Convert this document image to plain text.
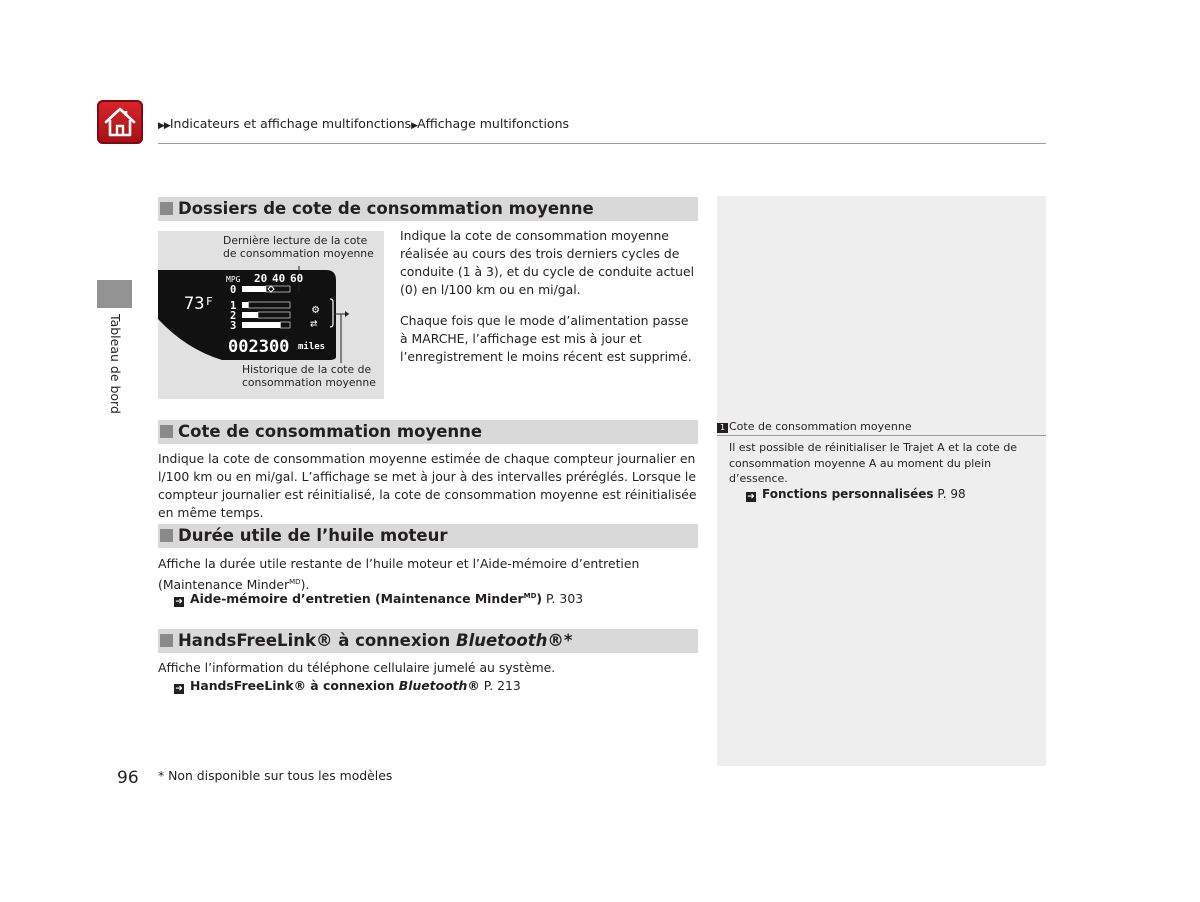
▶▶Indicateurs et affichage multifonctions▶Affichage multifonctions
Tableau de bord
Dossiers de cote de consommation moyenne
73 F
MPG 20 40 60
0
1
2
3
⚙
⇄
002300 miles
Dernière lecture de la cote
de consommation moyenne
Historique de la cote de
consommation moyenne
Indique la cote de consommation moyenne réalisée au cours des trois derniers cycles de conduite (1 à 3), et du cycle de conduite actuel (0) en l/100 km ou en mi/gal.
Chaque fois que le mode d’alimentation passe à MARCHE, l’affichage est mis à jour et l’enregistrement le moins récent est supprimé.
Cote de consommation moyenne
Indique la cote de consommation moyenne estimée de chaque compteur journalier en l/100 km ou en mi/gal. L’affichage se met à jour à des intervalles préréglés. Lorsque le compteur journalier est réinitialisé, la cote de consommation moyenne est réinitialisée en même temps.
Durée utile de l’huile moteur
Affiche la durée utile restante de l’huile moteur et l’Aide-mémoire d’entretien (Maintenance Minder$^{MD}$).
➜ Aide-mémoire d’entretien (Maintenance Minder$^{MD}$) P. 303
HandsFreeLink® à connexion Bluetooth®*
Affiche l’information du téléphone cellulaire jumelé au système.
➜ HandsFreeLink® à connexion Bluetooth® P. 213
1 Cote de consommation moyenne
Il est possible de réinitialiser le Trajet A et la cote de consommation moyenne A au moment du plein d’essence.
➜ Fonctions personnalisées P. 98
96 * Non disponible sur tous les modèles
